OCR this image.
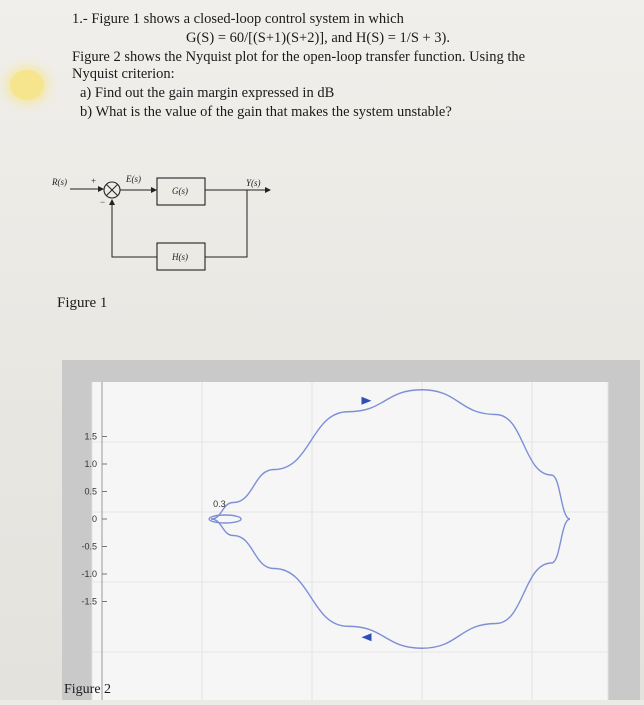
1.- Figure 1 shows a closed-loop control system in which
G(S) = 60/[(S+1)(S+2)], and H(S) = 1/S + 3).
Figure 2 shows the Nyquist plot for the open-loop transfer function. Using the
Nyquist criterion:
a) Find out the gain margin expressed in dB
b) What is the value of the gain that makes the system unstable?
R(s)	+
−
E(s)
G(s)
Y(s)
H(s)
Figure 1
1.5
1.0
0.5
0
-0.5
-1.0
-1.5
0.3
Figure 2
